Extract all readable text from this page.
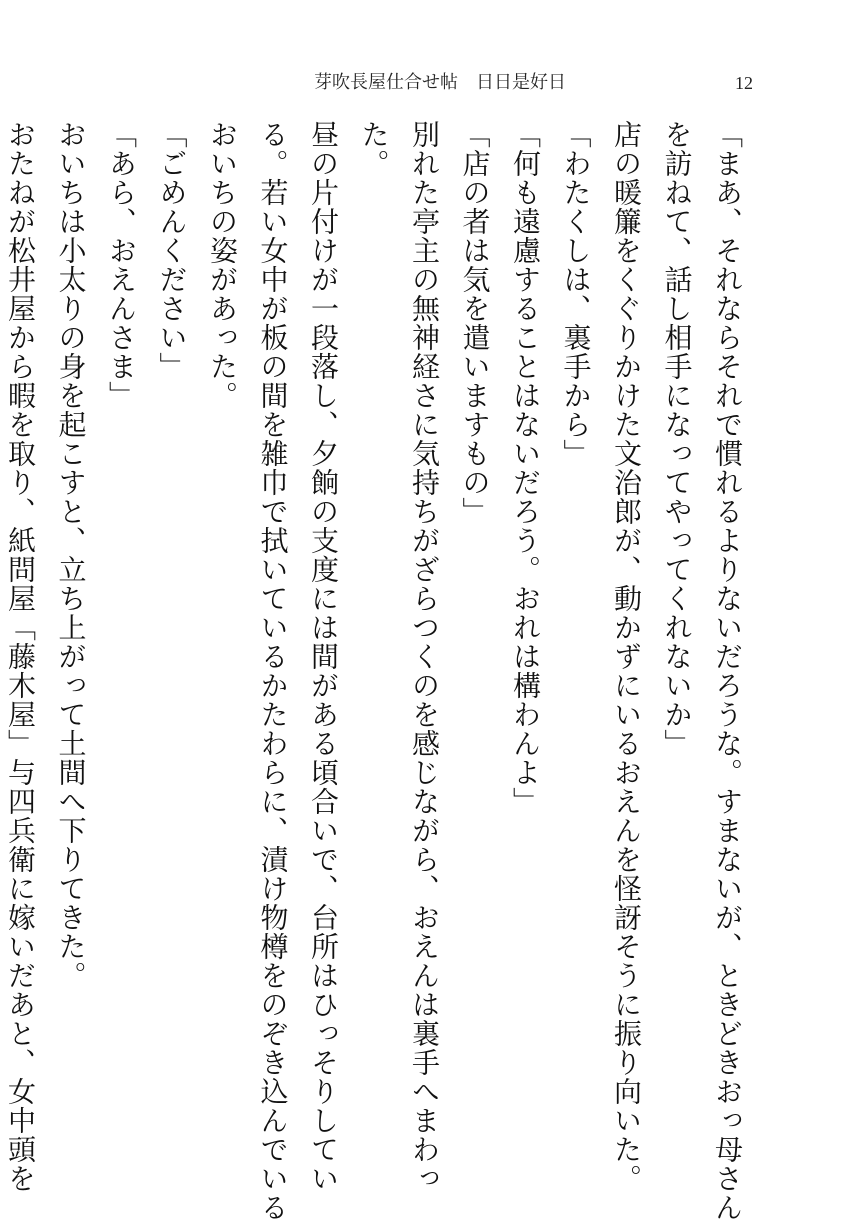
芽吹長屋仕合せ帖　日日是好日	12
「まあ、それならそれで慣れるよりないだろうな。すまないが、ときどきおっ母さん
を訪ねて、話し相手になってやってくれないか」
店の暖簾をくぐりかけた文治郎が、動かずにいるおえんを怪訝そうに振り向いた。
「わたくしは、裏手から」
「何も遠慮することはないだろう。おれは構わんよ」
「店の者は気を遣いますもの」
別れた亭主の無神経さに気持ちがざらつくのを感じながら、おえんは裏手へまわっ
た。
昼の片付けが一段落し、夕餉の支度には間がある頃合いで、台所はひっそりしてい
る。若い女中が板の間を雑巾で拭いているかたわらに、漬け物樽をのぞき込んでいる
おいちの姿があった。
「ごめんください」
「あら、おえんさま」
おいちは小太りの身を起こすと、立ち上がって土間へ下りてきた。
おたねが松井屋から暇を取り、紙問屋「藤木屋」与四兵衛に嫁いだあと、女中頭を
